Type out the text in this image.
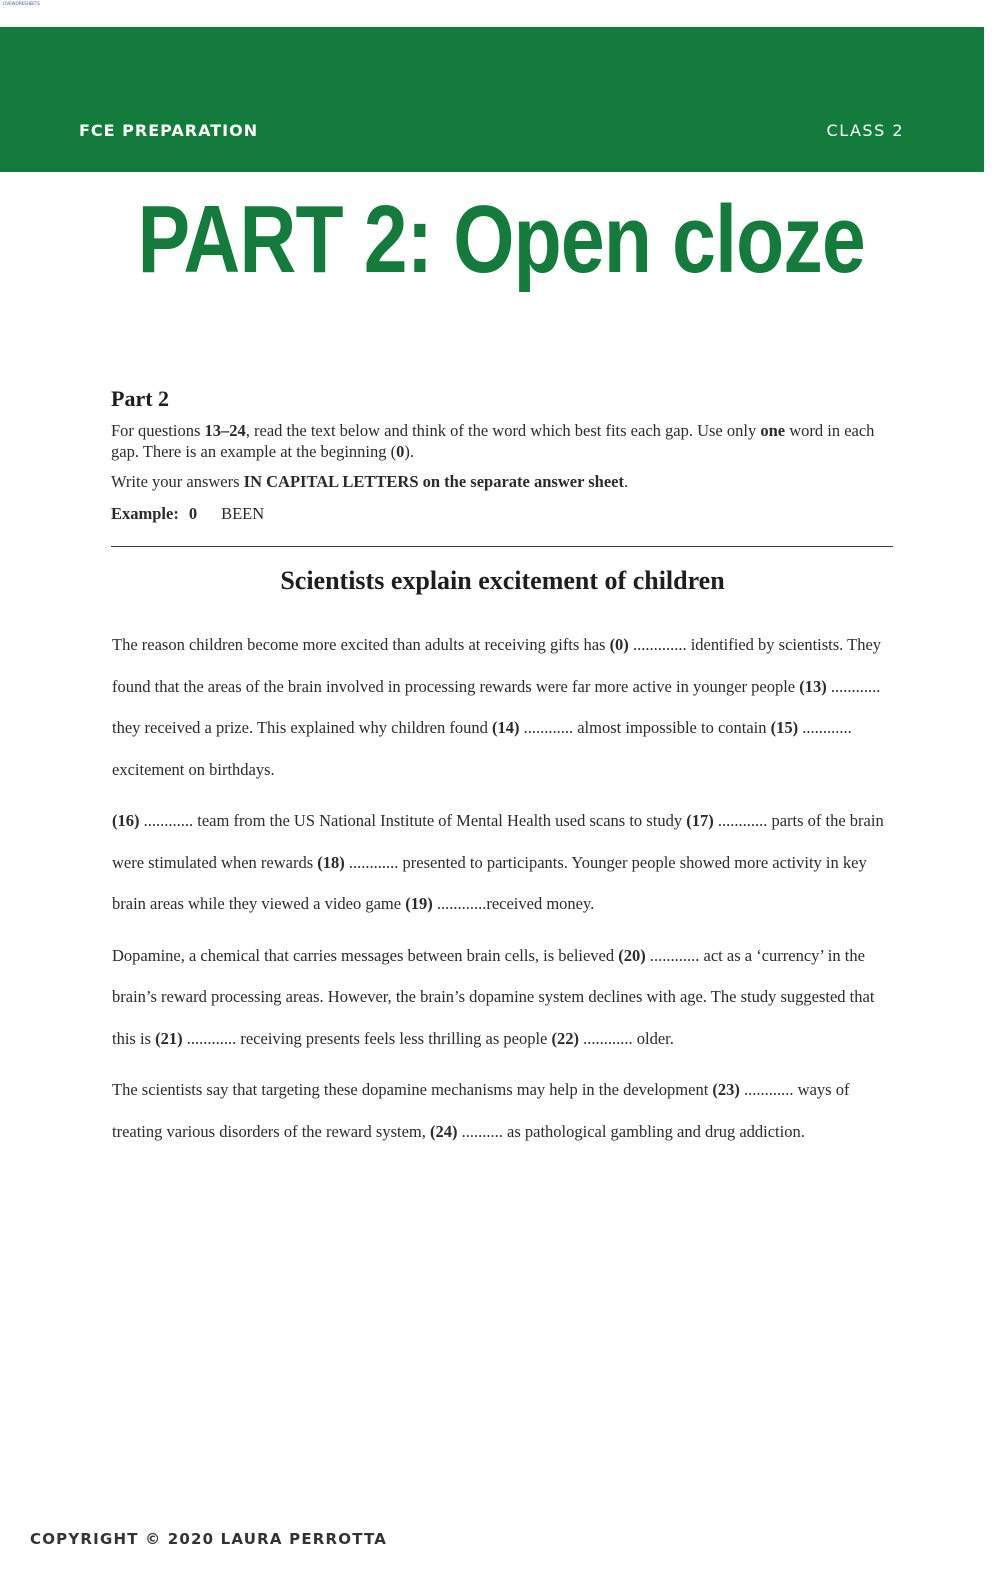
LIVEWORKSHEETS
FCE PREPARATION	CLASS 2
PART 2: Open cloze
Part 2

For questions 13–24, read the text below and think of the word which best fits each gap. Use only one word in each gap. There is an example at the beginning (0).

Write your answers IN CAPITAL LETTERS on the separate answer sheet.

Example: 0 BEEN
Scientists explain excitement of children

The reason children become more excited than adults at receiving gifts has (0) ............. identified by scientists. They found that the areas of the brain involved in processing rewards were far more active in younger people (13) ............ they received a prize. This explained why children found (14) ............ almost impossible to contain (15) ............ excitement on birthdays.

(16) ............ team from the US National Institute of Mental Health used scans to study (17) ............ parts of the brain were stimulated when rewards (18) ............ presented to participants. Younger people showed more activity in key brain areas while they viewed a video game (19) ............received money.

Dopamine, a chemical that carries messages between brain cells, is believed (20) ............ act as a ‘currency’ in the brain’s reward processing areas. However, the brain’s dopamine system declines with age. The study suggested that this is (21) ............ receiving presents feels less thrilling as people (22) ............ older.

The scientists say that targeting these dopamine mechanisms may help in the development (23) ............ ways of treating various disorders of the reward system, (24) .......... as pathological gambling and drug addiction.

COPYRIGHT © 2020 LAURA PERROTTA
